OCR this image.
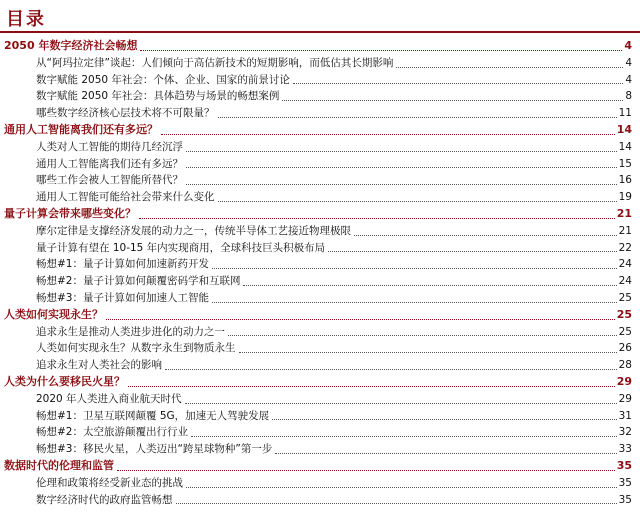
目录
2050 年数字经济社会畅想	4
从“阿玛拉定律”谈起：人们倾向于高估新技术的短期影响，而低估其长期影响	4
数字赋能 2050 年社会：个体、企业、国家的前景讨论	4
数字赋能 2050 年社会：具体趋势与场景的畅想案例	8
哪些数字经济核心层技术将不可限量？	11
通用人工智能离我们还有多远？	14
人类对人工智能的期待几经沉浮	14
通用人工智能离我们还有多远？	15
哪些工作会被人工智能所替代？	16
通用人工智能可能给社会带来什么变化	19
量子计算会带来哪些变化？	21
摩尔定律是支撑经济发展的动力之一，传统半导体工艺接近物理极限	21
量子计算有望在 10-15 年内实现商用，全球科技巨头积极布局	22
畅想#1：量子计算如何加速新药开发	24
畅想#2：量子计算如何颠覆密码学和互联网	24
畅想#3：量子计算如何加速人工智能	25
人类如何实现永生？	25
追求永生是推动人类进步进化的动力之一	25
人类如何实现永生？从数字永生到物质永生	26
追求永生对人类社会的影响	28
人类为什么要移民火星？	29
2020 年人类进入商业航天时代	29
畅想#1：卫星互联网颠覆 5G，加速无人驾驶发展	31
畅想#2：太空旅游颠覆出行行业	32
畅想#3：移民火星，人类迈出“跨星球物种”第一步	33
数据时代的伦理和监管	35
伦理和政策将经受新业态的挑战	35
数字经济时代的政府监管畅想	35
